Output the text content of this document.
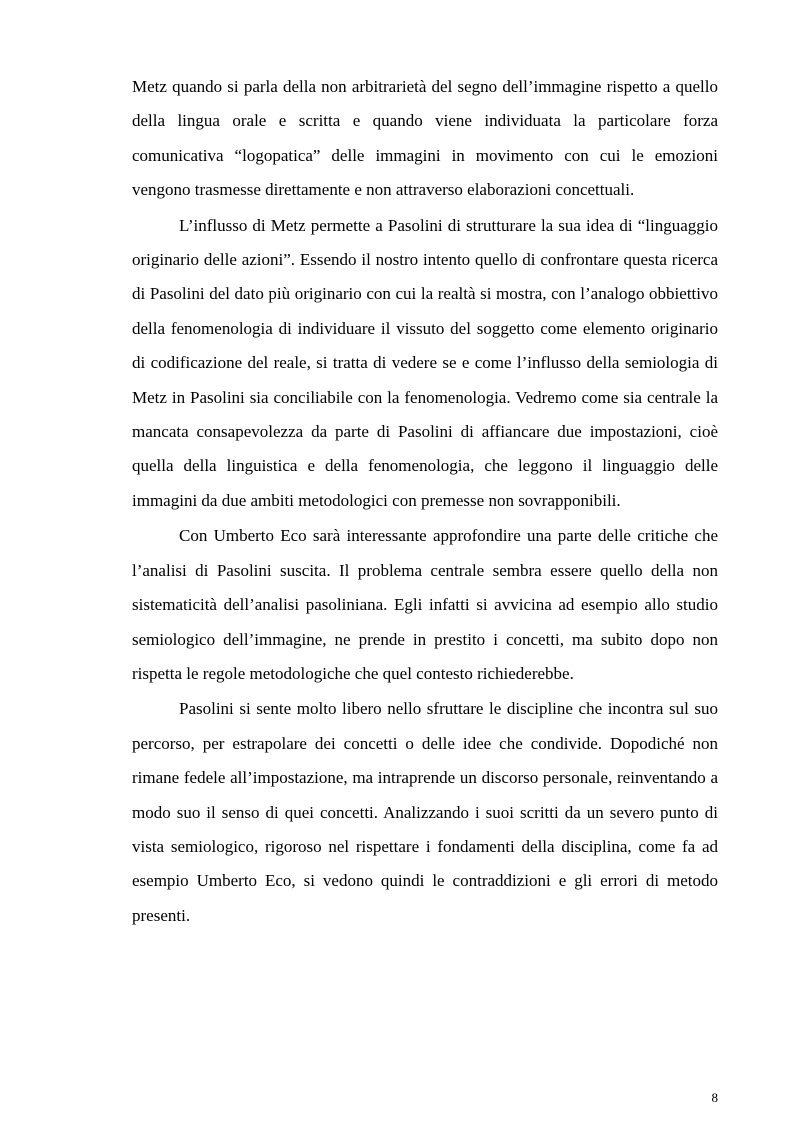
Metz quando si parla della non arbitrarietà del segno dell’immagine rispetto a quello della lingua orale e scritta e quando viene individuata la particolare forza comunicativa “logopatica” delle immagini in movimento con cui le emozioni vengono trasmesse direttamente e non attraverso elaborazioni concettuali.

L’influsso di Metz permette a Pasolini di strutturare la sua idea di “linguaggio originario delle azioni”. Essendo il nostro intento quello di confrontare questa ricerca di Pasolini del dato più originario con cui la realtà si mostra, con l’analogo obbiettivo della fenomenologia di individuare il vissuto del soggetto come elemento originario di codificazione del reale, si tratta di vedere se e come l’influsso della semiologia di Metz in Pasolini sia conciliabile con la fenomenologia. Vedremo come sia centrale la mancata consapevolezza da parte di Pasolini di affiancare due impostazioni, cioè quella della linguistica e della fenomenologia, che leggono il linguaggio delle immagini da due ambiti metodologici con premesse non sovrapponibili.

Con Umberto Eco sarà interessante approfondire una parte delle critiche che l’analisi di Pasolini suscita. Il problema centrale sembra essere quello della non sistematicità dell’analisi pasoliniana. Egli infatti si avvicina ad esempio allo studio semiologico dell’immagine, ne prende in prestito i concetti, ma subito dopo non rispetta le regole metodologiche che quel contesto richiederebbe.

Pasolini si sente molto libero nello sfruttare le discipline che incontra sul suo percorso, per estrapolare dei concetti o delle idee che condivide. Dopodiché non rimane fedele all’impostazione, ma intraprende un discorso personale, reinventando a modo suo il senso di quei concetti. Analizzando i suoi scritti da un severo punto di vista semiologico, rigoroso nel rispettare i fondamenti della disciplina, come fa ad esempio Umberto Eco, si vedono quindi le contraddizioni e gli errori di metodo presenti.

8
